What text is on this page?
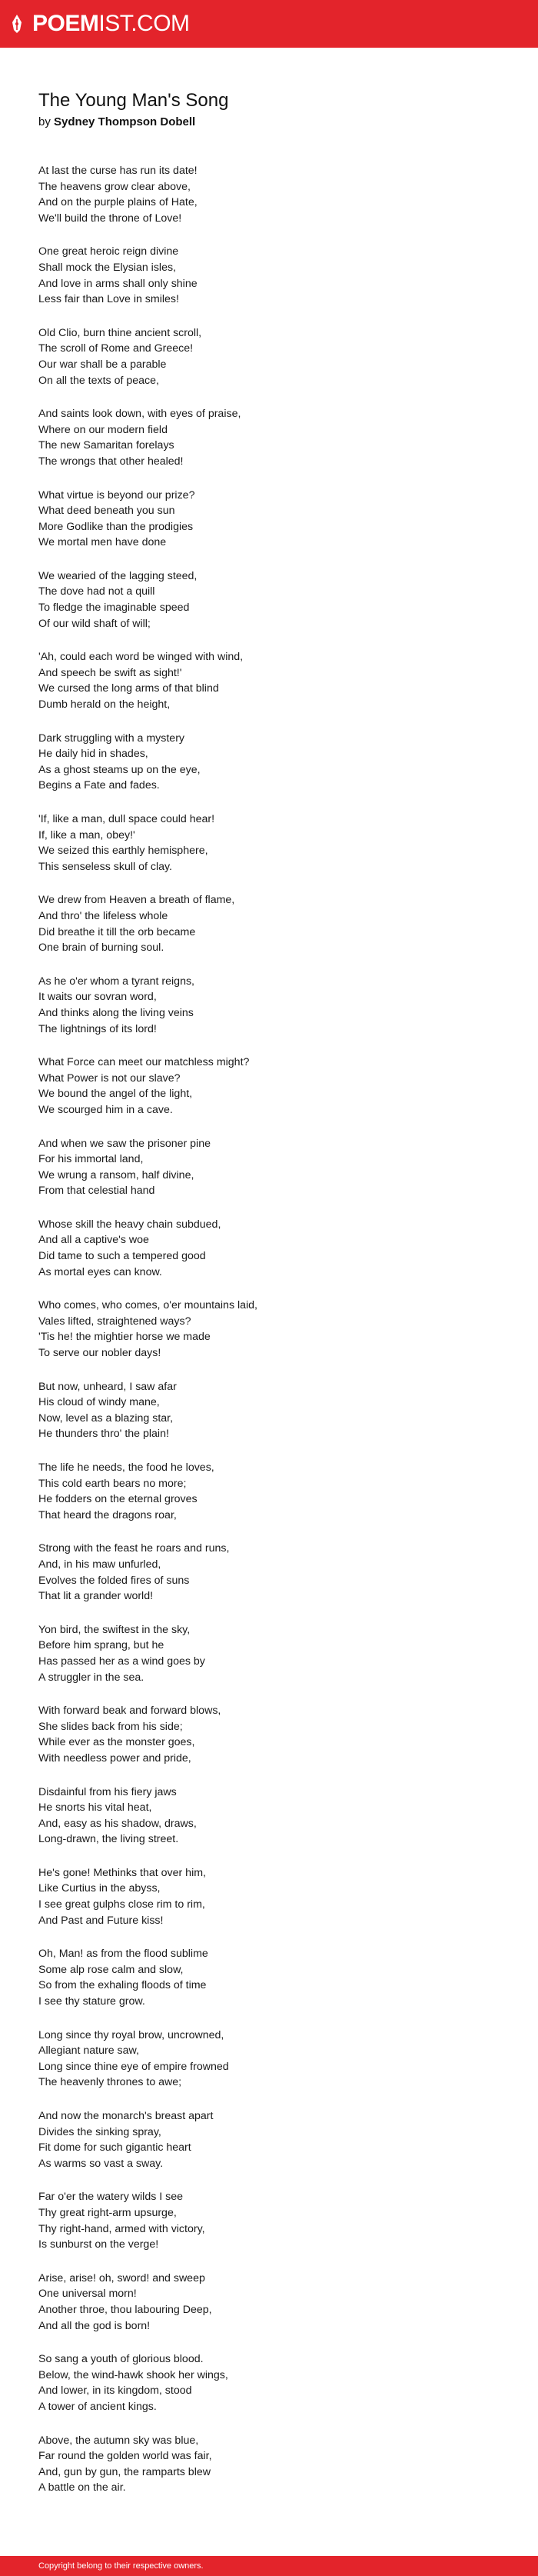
POEMIST.COM
The Young Man's Song
by Sydney Thompson Dobell
At last the curse has run its date!
The heavens grow clear above,
And on the purple plains of Hate,
We'll build the throne of Love!
One great heroic reign divine
Shall mock the Elysian isles,
And love in arms shall only shine
Less fair than Love in smiles!
Old Clio, burn thine ancient scroll,
The scroll of Rome and Greece!
Our war shall be a parable
On all the texts of peace,
And saints look down, with eyes of praise,
Where on our modern field
The new Samaritan forelays
The wrongs that other healed!
What virtue is beyond our prize?
What deed beneath you sun
More Godlike than the prodigies
We mortal men have done
We wearied of the lagging steed,
The dove had not a quill
To fledge the imaginable speed
Of our wild shaft of will;
'Ah, could each word be winged with wind,
And speech be swift as sight!'
We cursed the long arms of that blind
Dumb herald on the height,
Dark struggling with a mystery
He daily hid in shades,
As a ghost steams up on the eye,
Begins a Fate and fades.
'If, like a man, dull space could hear!
If, like a man, obey!'
We seized this earthly hemisphere,
This senseless skull of clay.
We drew from Heaven a breath of flame,
And thro' the lifeless whole
Did breathe it till the orb became
One brain of burning soul.
As he o'er whom a tyrant reigns,
It waits our sovran word,
And thinks along the living veins
The lightnings of its lord!
What Force can meet our matchless might?
What Power is not our slave?
We bound the angel of the light,
We scourged him in a cave.
And when we saw the prisoner pine
For his immortal land,
We wrung a ransom, half divine,
From that celestial hand
Whose skill the heavy chain subdued,
And all a captive's woe
Did tame to such a tempered good
As mortal eyes can know.
Who comes, who comes, o'er mountains laid,
Vales lifted, straightened ways?
'Tis he! the mightier horse we made
To serve our nobler days!
But now, unheard, I saw afar
His cloud of windy mane,
Now, level as a blazing star,
He thunders thro' the plain!
The life he needs, the food he loves,
This cold earth bears no more;
He fodders on the eternal groves
That heard the dragons roar,
Strong with the feast he roars and runs,
And, in his maw unfurled,
Evolves the folded fires of suns
That lit a grander world!
Yon bird, the swiftest in the sky,
Before him sprang, but he
Has passed her as a wind goes by
A struggler in the sea.
With forward beak and forward blows,
She slides back from his side;
While ever as the monster goes,
With needless power and pride,
Disdainful from his fiery jaws
He snorts his vital heat,
And, easy as his shadow, draws,
Long-drawn, the living street.
He's gone! Methinks that over him,
Like Curtius in the abyss,
I see great gulphs close rim to rim,
And Past and Future kiss!
Oh, Man! as from the flood sublime
Some alp rose calm and slow,
So from the exhaling floods of time
I see thy stature grow.
Long since thy royal brow, uncrowned,
Allegiant nature saw,
Long since thine eye of empire frowned
The heavenly thrones to awe;
And now the monarch's breast apart
Divides the sinking spray,
Fit dome for such gigantic heart
As warms so vast a sway.
Far o'er the watery wilds I see
Thy great right-arm upsurge,
Thy right-hand, armed with victory,
Is sunburst on the verge!
Arise, arise! oh, sword! and sweep
One universal morn!
Another throe, thou labouring Deep,
And all the god is born!
So sang a youth of glorious blood.
Below, the wind-hawk shook her wings,
And lower, in its kingdom, stood
A tower of ancient kings.
Above, the autumn sky was blue,
Far round the golden world was fair,
And, gun by gun, the ramparts blew
A battle on the air.
Copyright belong to their respective owners.
